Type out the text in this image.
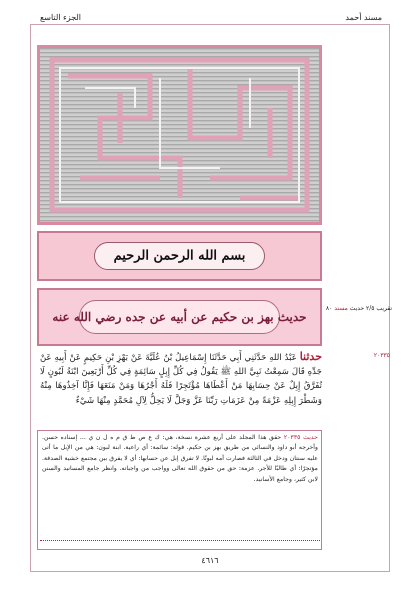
مسند أحمد
الجزء التاسع
بسم الله الرحمن الرحيم
حديث بهز بن حكيم عن أبيه عن جده رضي الله عنه
تقريب ٢/٥ حديث مسند ٨٠
٢٠٣٣٥
حدثنا عَبْدُ اللهِ حَدَّثَنِي أَبِي حَدَّثَنَا إِسْمَاعِيلُ بْنُ عُلَيَّةَ عَنْ بَهْزِ بْنِ حَكِيمٍ عَنْ أَبِيهِ عَنْ جَدِّهِ قَالَ سَمِعْتُ نَبِيَّ اللهِ ﷺ يَقُولُ فِي كُلِّ إِبِلٍ سَائِمَةٍ فِي كُلِّ أَرْبَعِينَ ابْنَةُ لَبُونٍ لَا تُفَرَّقُ إِبِلٌ عَنْ حِسَابِهَا مَنْ أَعْطَاهَا مُؤْتَجِرًا فَلَهُ أَجْرُهَا وَمَنْ مَنَعَهَا فَإِنَّا آخِذُوهَا مِنْهُ وَشَطْرَ إِبِلِهِ عَزْمَةً مِنْ عَزَمَاتِ رَبِّنَا عَزَّ وَجَلَّ لَا يَحِلُّ لِآلِ مُحَمَّدٍ مِنْهَا شَيْءٌ
حديث ٢٠٣٣٥ حقق هذا المجلد على أربع عشرة نسخة، هي: ك ع ص ط ق م ه ل ن ي ... إسناده حسن. وأخرجه أبو داود والنسائي من طريق بهز بن حكيم. قوله: سائمة: أي راعية. ابنة لبون: هي من الإبل ما أتى عليه سنتان ودخل في الثالثة فصارت أمه لبونًا. لا تفرق إبل عن حسابها: أي لا يفرق بين مجتمع خشية الصدقة. مؤتجرًا: أي طالبًا للأجر. عزمة: حق من حقوق الله تعالى وواجب من واجباته. وانظر جامع المسانيد والسنن لابن كثير، وجامع الأسانيد.
٤٦١٦
